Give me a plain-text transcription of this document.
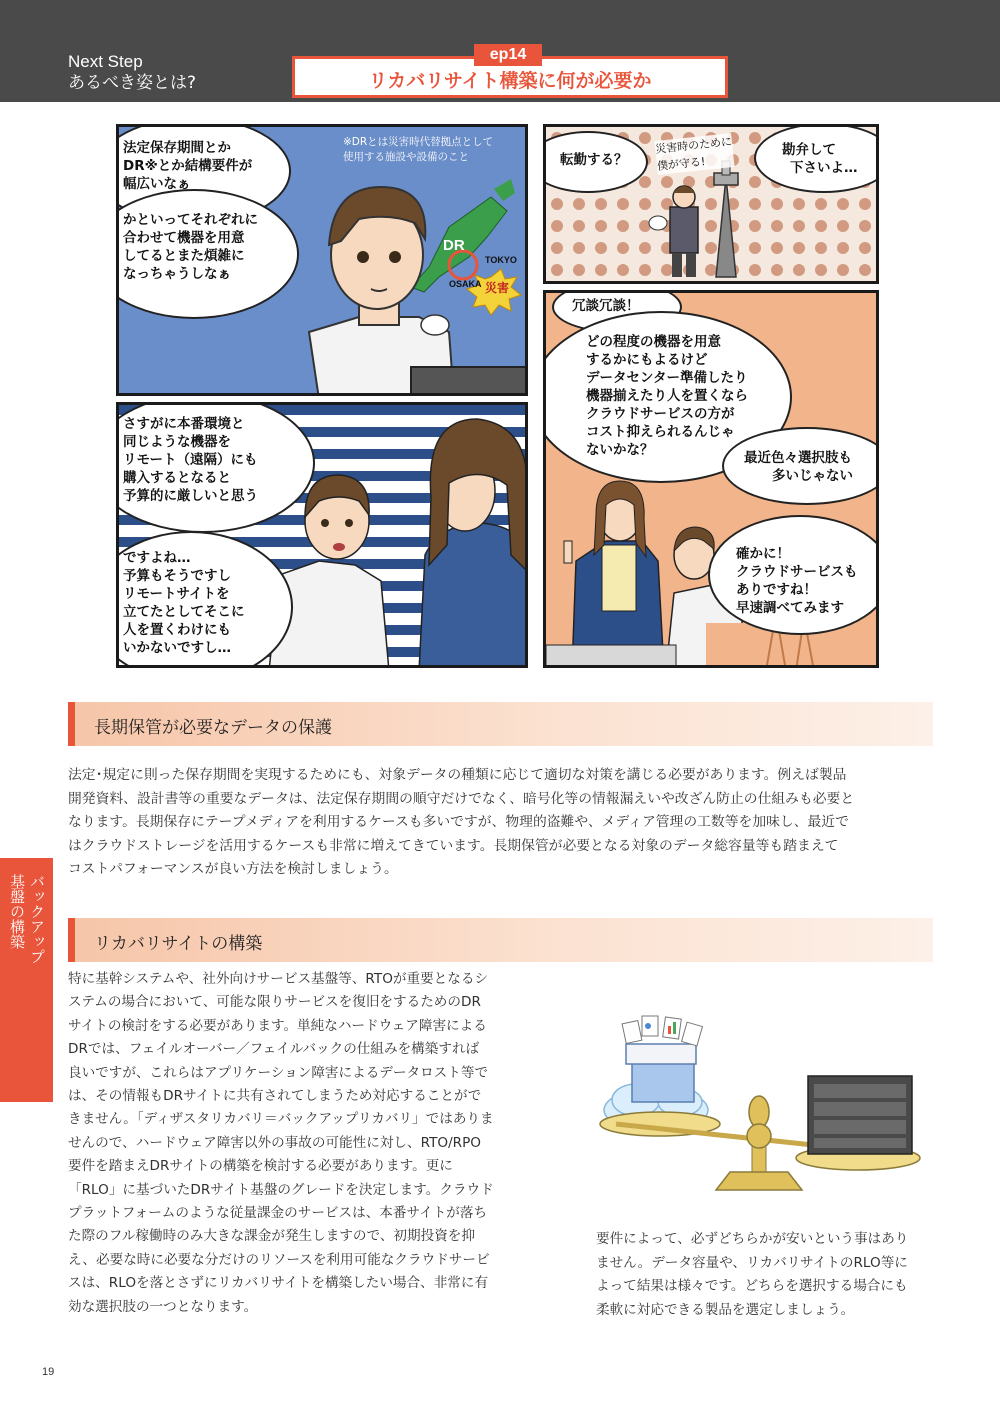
Next Step
あるべき姿とは?
ep14
リカバリサイト構築に何が必要か
法定保存期間とか
DR※とか結構要件が
幅広いなぁ
かといってそれぞれに
合わせて機器を用意
してるとまた煩雑に
なっちゃうしなぁ
※DRとは災害時代替拠点として
使用する施設や設備のこと
DR
TOKYO
OSAKA 災害
転勤する？
災害時のために
僕が守る!
勘弁して
下さいよ…
冗談冗談！
どの程度の機器を用意
するかにもよるけど
データセンター準備したり
機器揃えたり人を置くなら
クラウドサービスの方が
コスト抑えられるんじゃ
ないかな？	最近色々選択肢も
多いじゃない
確かに！
クラウドサービスも
ありですね！
早速調べてみます
さすがに本番環境と
同じような機器を
リモート（遠隔）にも
購入するとなると
予算的に厳しいと思う
ですよね…
予算もそうですし
リモートサイトを
立てたとしてそこに
人を置くわけにも
いかないですし…
長期保管が必要なデータの保護
法定･規定に則った保存期間を実現するためにも、対象データの種類に応じて適切な対策を講じる必要があります。例えば製品
開発資料、設計書等の重要なデータは、法定保存期間の順守だけでなく、暗号化等の情報漏えいや改ざん防止の仕組みも必要と
なります。長期保存にテープメディアを利用するケースも多いですが、物理的盗難や、メディア管理の工数等を加味し、最近で
はクラウドストレージを活用するケースも非常に増えてきています。長期保管が必要となる対象のデータ総容量等も踏まえて
コストパフォーマンスが良い方法を検討しましょう。
バックアップ
基盤の構築	リカバリサイトの構築
特に基幹システムや、社外向けサービス基盤等、RTOが重要となるシ
ステムの場合において、可能な限りサービスを復旧をするためのDR
サイトの検討をする必要があります。単純なハードウェア障害による
DRでは、フェイルオーバー／フェイルバックの仕組みを構築すれば
良いですが、これらはアプリケーション障害によるデータロスト等で
は、その情報もDRサイトに共有されてしまうため対応することがで
きません。「ディザスタリカバリ＝バックアップリカバリ」ではありま
せんので、ハードウェア障害以外の事故の可能性に対し、RTO/RPO
要件を踏まえDRサイトの構築を検討する必要があります。更に
「RLO」に基づいたDRサイト基盤のグレードを決定します。クラウド
プラットフォームのような従量課金のサービスは、本番サイトが落ち
た際のフル稼働時のみ大きな課金が発生しますので、初期投資を抑
え、必要な時に必要な分だけのリソースを利用可能なクラウドサービ
スは、RLOを落とさずにリカバリサイトを構築したい場合、非常に有
効な選択肢の一つとなります。
要件によって、必ずどちらかが安いという事はあり
ません。データ容量や、リカバリサイトのRLO等に
よって結果は様々です。どちらを選択する場合にも
柔軟に対応できる製品を選定しましょう。
19
